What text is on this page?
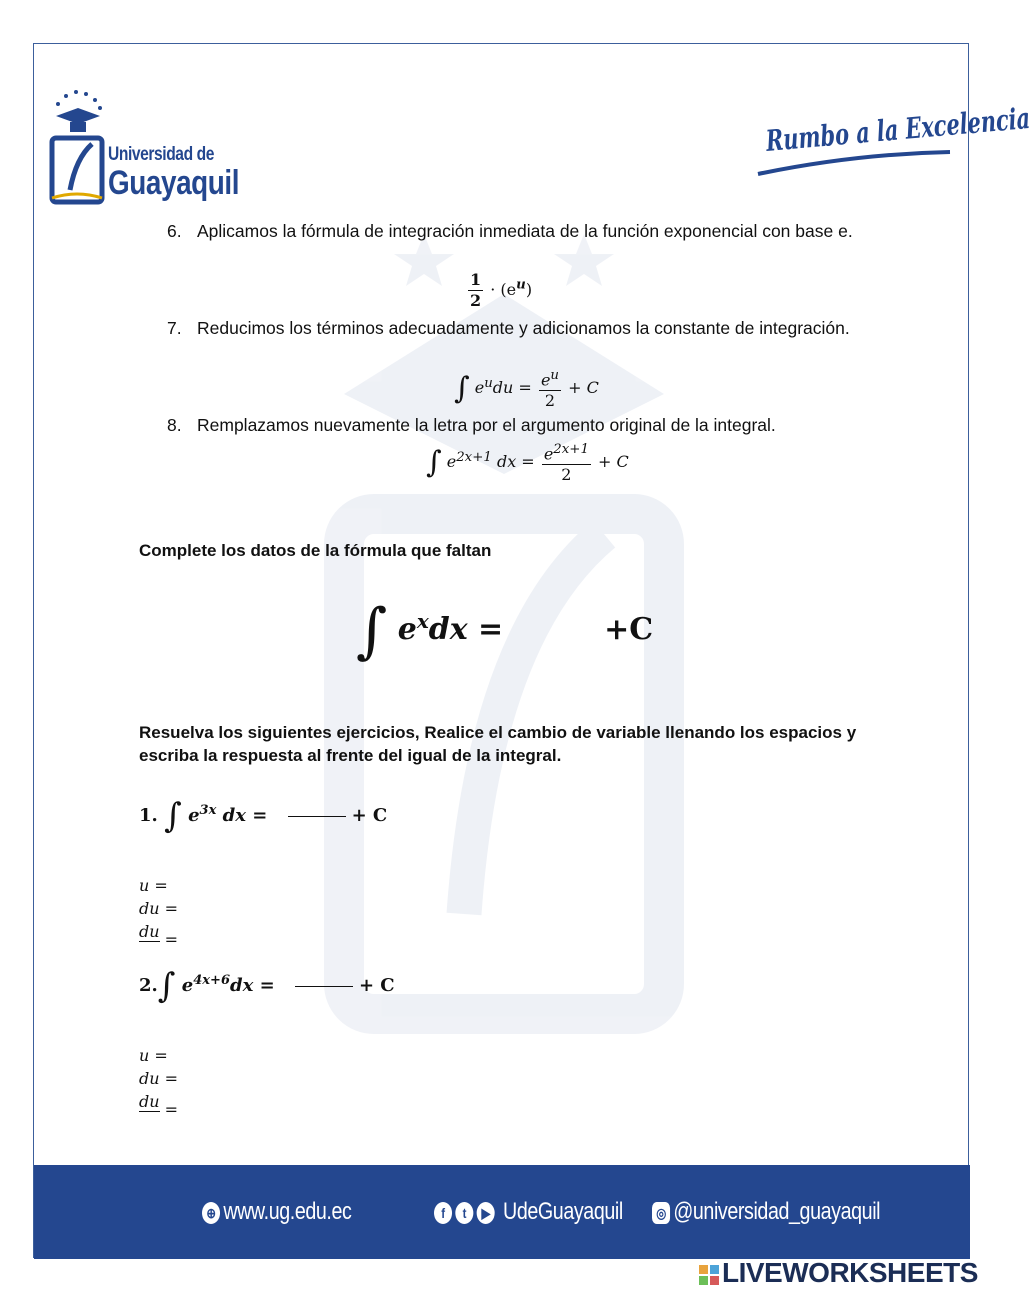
Universidad de
Guayaquil
Rumbo a la Excelencia
6. Aplicamos la fórmula de integración inmediata de la función exponencial con base e.
$\frac{1}{2} \cdot (e^u)$
7. Reducimos los términos adecuadamente y adicionamos la constante de integración.
∫ $e^udu = \frac{e^u}{2} + C$
8. Remplazamos nuevamente la letra por el argumento original de la integral.
∫ $e^{2x+1}$ dx = $\frac{e^{2x+1}}{2} + C$
Complete los datos de la fórmula que faltan
∫ $e^xdx$ =	+C
Resuelva los siguientes ejercicios, Realice el cambio de variable llenando los espacios y escriba la respuesta al frente del igual de la integral.
1. ∫ $e^{3x}$ dx =	+ C
u =
du =
du =
2.∫ $e^{4x+6}dx$ =	+ C
u =
du =
du =
⊕ www.ug.edu.ec	f t ▶ UdeGuayaquil	◎ @universidad_guayaquil
LIVEWORKSHEETS
